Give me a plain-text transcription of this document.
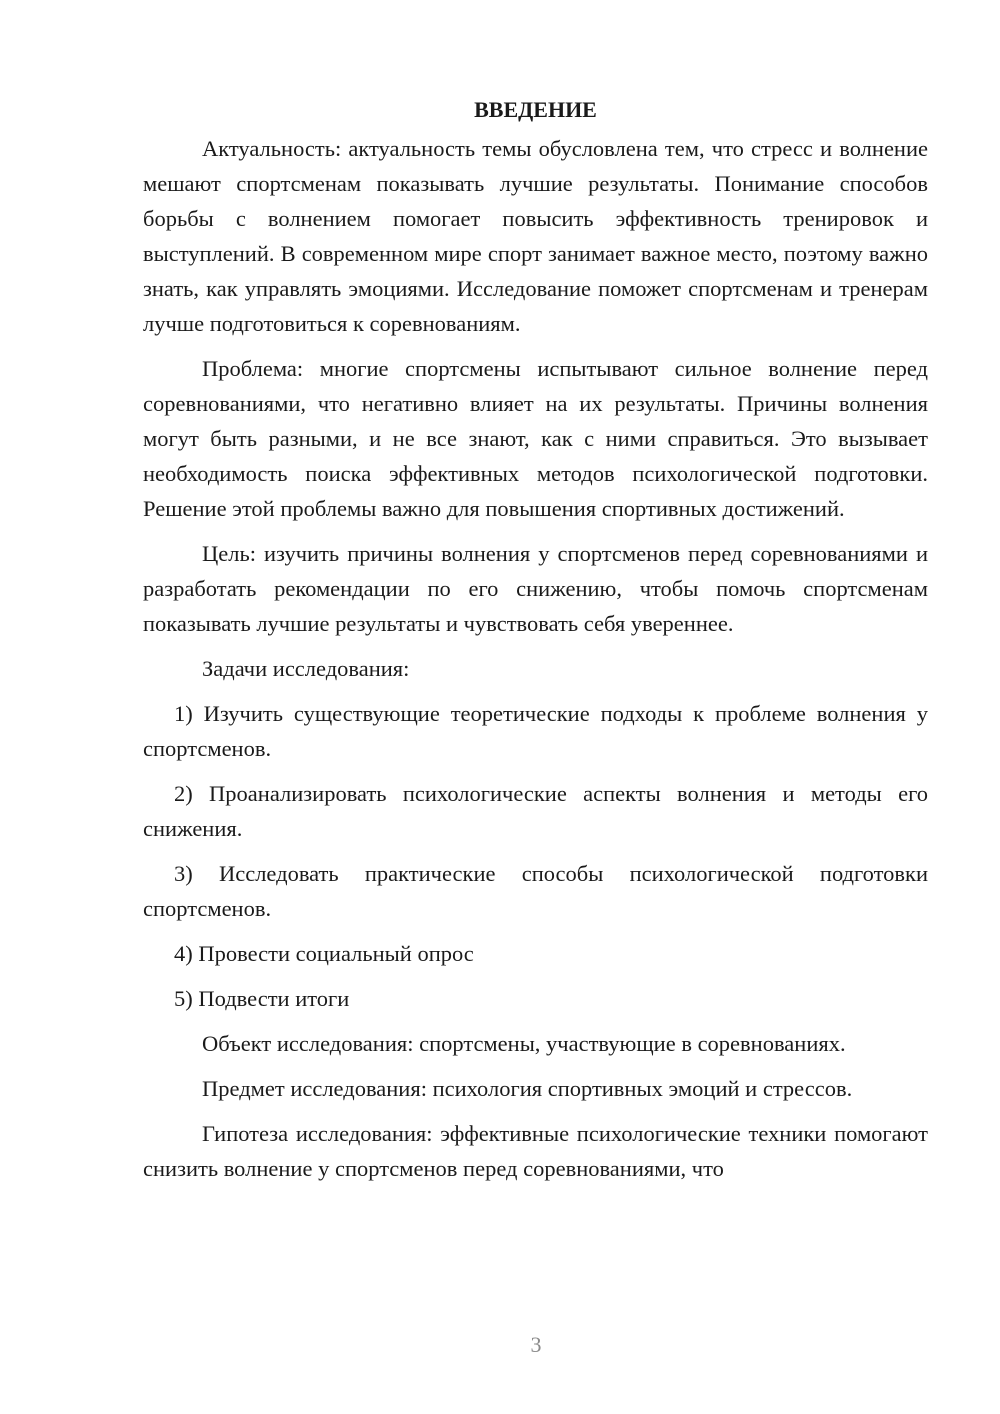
ВВЕДЕНИЕ

Актуальность: актуальность темы обусловлена тем, что стресс и волнение мешают спортсменам показывать лучшие результаты. Понимание способов борьбы с волнением помогает повысить эффективность тренировок и выступлений. В современном мире спорт занимает важное место, поэтому важно знать, как управлять эмоциями. Исследование поможет спортсменам и тренерам лучше подготовиться к соревнованиям.

Проблема: многие спортсмены испытывают сильное волнение перед соревнованиями, что негативно влияет на их результаты. Причины волнения могут быть разными, и не все знают, как с ними справиться. Это вызывает необходимость поиска эффективных методов психологической подготовки. Решение этой проблемы важно для повышения спортивных достижений.

Цель: изучить причины волнения у спортсменов перед соревнованиями и разработать рекомендации по его снижению, чтобы помочь спортсменам показывать лучшие результаты и чувствовать себя увереннее.

Задачи исследования:

1) Изучить существующие теоретические подходы к проблеме волнения у спортсменов.

2) Проанализировать психологические аспекты волнения и методы его снижения.

3) Исследовать практические способы психологической подготовки спортсменов.

4) Провести социальный опрос

5) Подвести итоги

Объект исследования: спортсмены, участвующие в соревнованиях.

Предмет исследования: психология спортивных эмоций и стрессов.

Гипотеза исследования: эффективные психологические техники помогают снизить волнение у спортсменов перед соревнованиями, что

3
